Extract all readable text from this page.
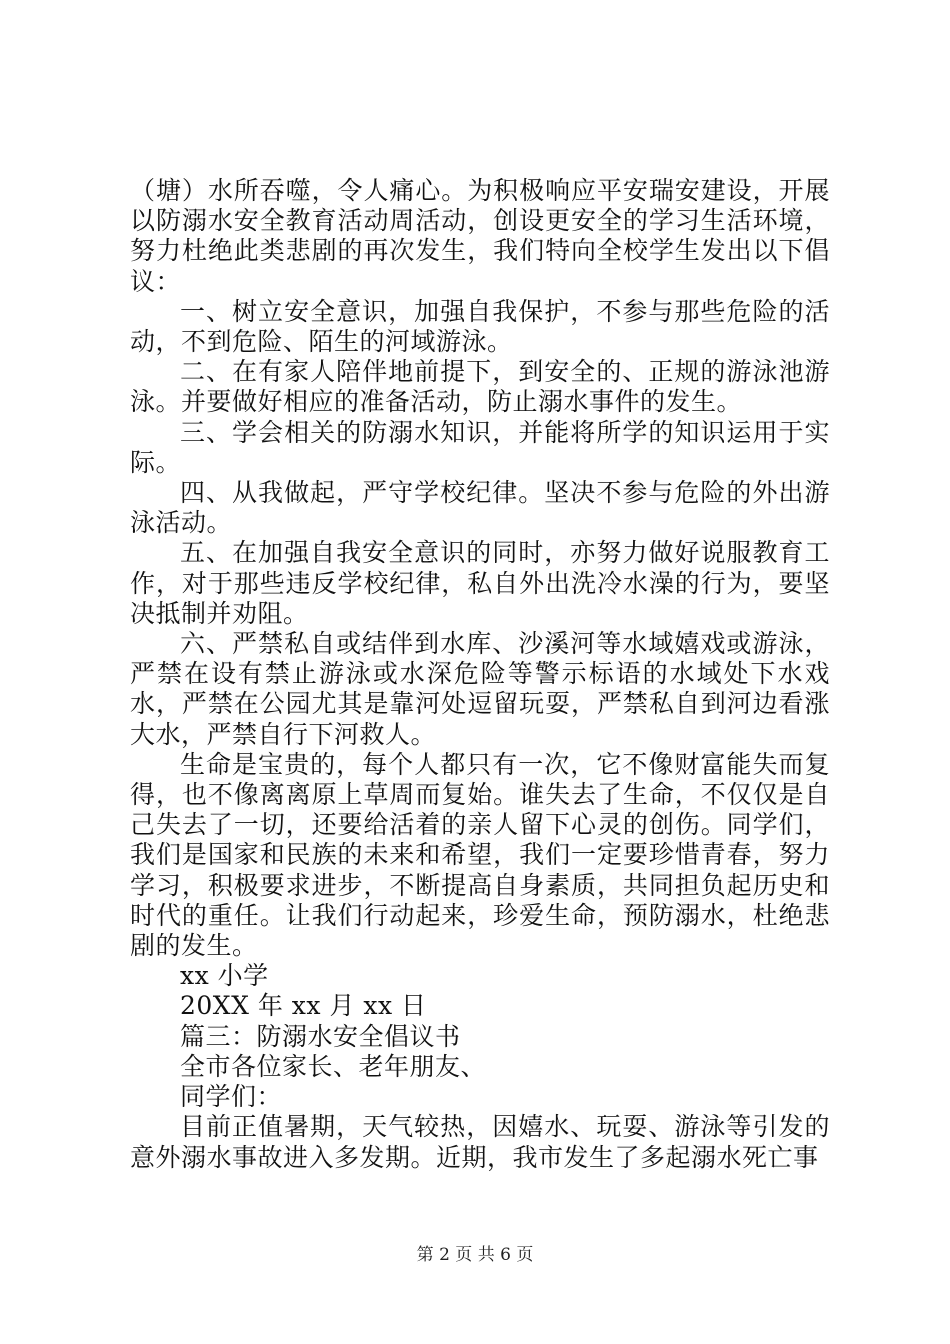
（塘）水所吞噬，令人痛心。为积极响应平安瑞安建设，开展以防溺水安全教育活动周活动，创设更安全的学习生活环境，努力杜绝此类悲剧的再次发生，我们特向全校学生发出以下倡议：

一、树立安全意识，加强自我保护，不参与那些危险的活动，不到危险、陌生的河域游泳。

二、在有家人陪伴地前提下，到安全的、正规的游泳池游泳。并要做好相应的准备活动，防止溺水事件的发生。

三、学会相关的防溺水知识，并能将所学的知识运用于实际。

四、从我做起，严守学校纪律。坚决不参与危险的外出游泳活动。

五、在加强自我安全意识的同时，亦努力做好说服教育工作，对于那些违反学校纪律，私自外出洗冷水澡的行为，要坚决抵制并劝阻。

六、严禁私自或结伴到水库、沙溪河等水域嬉戏或游泳，严禁在设有禁止游泳或水深危险等警示标语的水域处下水戏水，严禁在公园尤其是靠河处逗留玩耍，严禁私自到河边看涨大水，严禁自行下河救人。

生命是宝贵的，每个人都只有一次，它不像财富能失而复得，也不像离离原上草周而复始。谁失去了生命，不仅仅是自己失去了一切，还要给活着的亲人留下心灵的创伤。同学们，我们是国家和民族的未来和希望，我们一定要珍惜青春，努力学习，积极要求进步，不断提高自身素质，共同担负起历史和时代的重任。让我们行动起来，珍爱生命，预防溺水，杜绝悲剧的发生。

xx 小学

20XX 年 xx 月 xx 日

篇三：防溺水安全倡议书

全市各位家长、老年朋友、

同学们：

目前正值暑期，天气较热，因嬉水、玩耍、游泳等引发的意外溺水事故进入多发期。近期，我市发生了多起溺水死亡事

第 2 页 共 6 页
